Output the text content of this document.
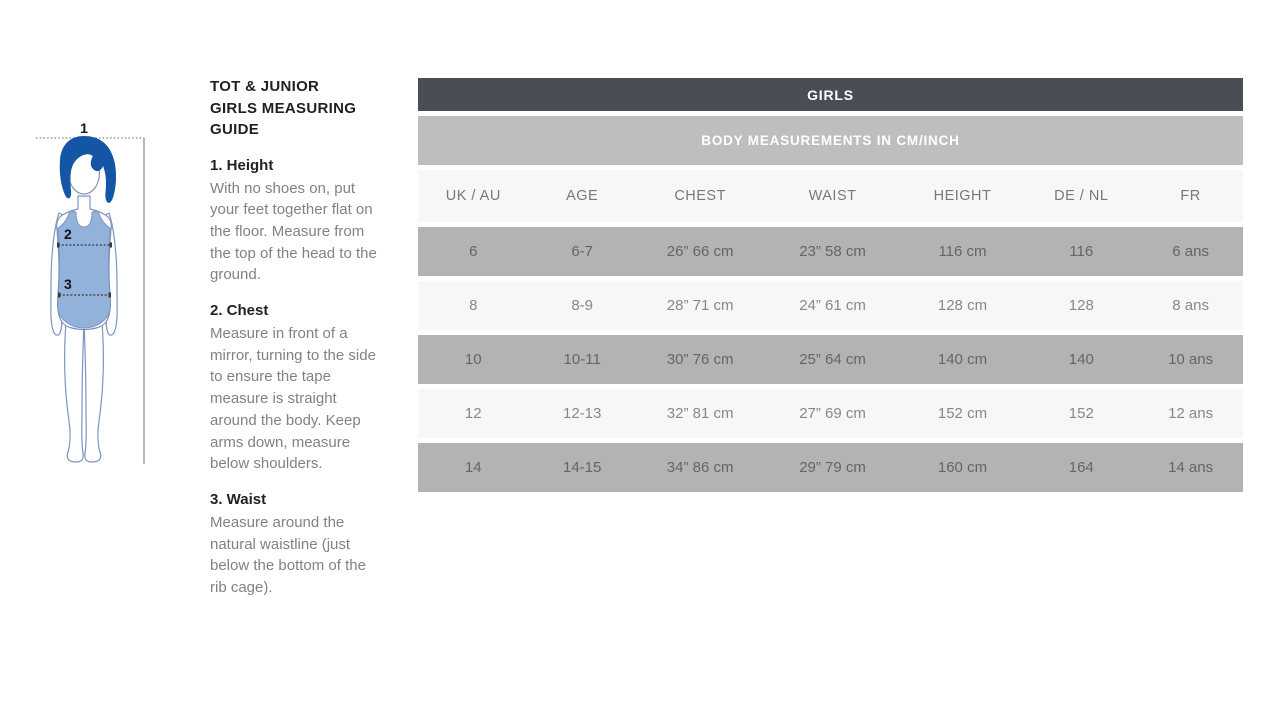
1
2
3
TOT & JUNIOR
GIRLS MEASURING
GUIDE
1. Height

With no shoes on, put your feet together flat on the floor. Measure from the top of the head to the ground.

2. Chest

Measure in front of a mirror, turning to the side to ensure the tape measure is straight around the body. Keep arms down, measure below shoulders.

3. Waist

Measure around the natural waistline (just below the bottom of the rib cage).

GIRLS
BODY MEASUREMENTS IN CM/INCH
UK / AU	AGE	CHEST	WAIST	HEIGHT	DE / NL	FR
6	6-7	26” 66 cm	23” 58 cm	116 cm	116	6 ans
8	8-9	28” 71 cm	24” 61 cm	128 cm	128	8 ans
10	10-11	30” 76 cm	25” 64 cm	140 cm	140	10 ans
12	12-13	32” 81 cm	27” 69 cm	152 cm	152	12 ans
14	14-15	34” 86 cm	29” 79 cm	160 cm	164	14 ans
